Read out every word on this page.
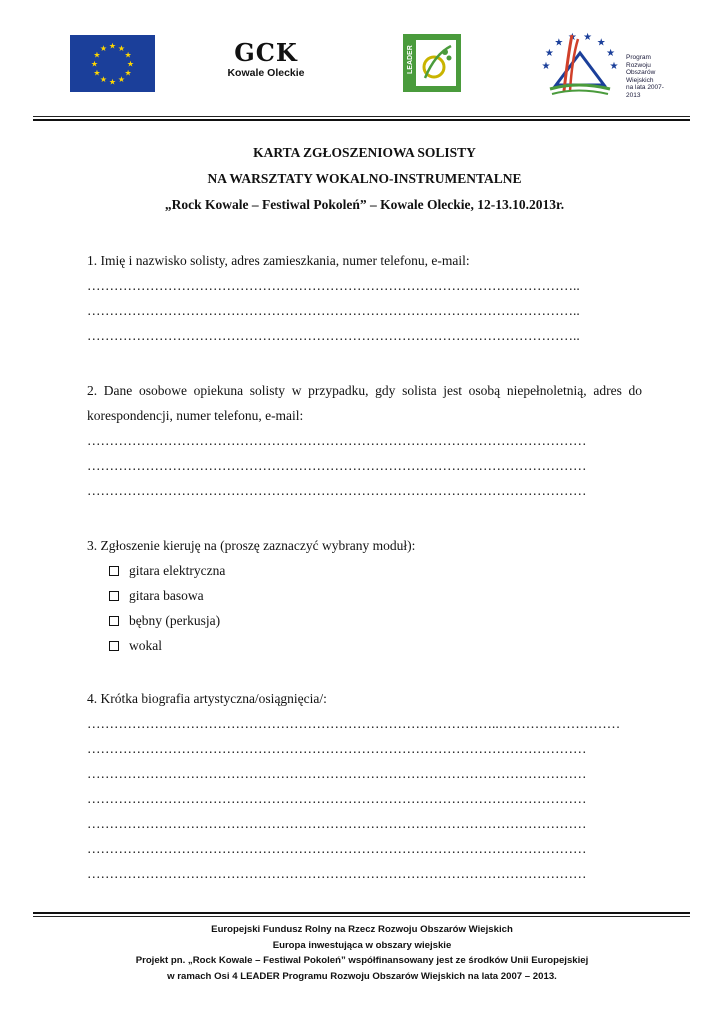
★ ★
★
★
★
★
★
★
★
★
★
★	GCK
Kowale Oleckie	LEADER	★
★
★
★ ★
★
★
★
Program
Rozwoju
Obszarów
Wiejskich
na lata 2007-2013
KARTA ZGŁOSZENIOWA SOLISTY
NA WARSZTATY WOKALNO-INSTRUMENTALNE
„Rock Kowale – Festiwal Pokoleń” – Kowale Oleckie, 12-13.10.2013r.
1. Imię i nazwisko solisty, adres zamieszkania, numer telefonu, e-mail:
………………………………………………………………………………………………..
………………………………………………………………………………………………..
………………………………………………………………………………………………..
2. Dane osobowe opiekuna solisty w przypadku, gdy solista jest osobą niepełnoletnią, adres do korespondencji, numer telefonu, e-mail:
…………………………………………………………………………………………………
…………………………………………………………………………………………………
…………………………………………………………………………………………………
3. Zgłoszenie kieruję na (proszę zaznaczyć wybrany moduł):
gitara elektryczna
gitara basowa
bębny (perkusja)
wokal
4. Krótka biografia artystyczna/osiągnięcia/:
………………………………………………………………………………..………………………
…………………………………………………………………………………………………
…………………………………………………………………………………………………
…………………………………………………………………………………………………
…………………………………………………………………………………………………
…………………………………………………………………………………………………
…………………………………………………………………………………………………
Europejski Fundusz Rolny na Rzecz Rozwoju Obszarów Wiejskich
Europa inwestująca w obszary wiejskie
Projekt pn. „Rock Kowale – Festiwal Pokoleń” współfinansowany jest ze środków Unii Europejskiej
w ramach Osi 4 LEADER Programu Rozwoju Obszarów Wiejskich na lata 2007 – 2013.
